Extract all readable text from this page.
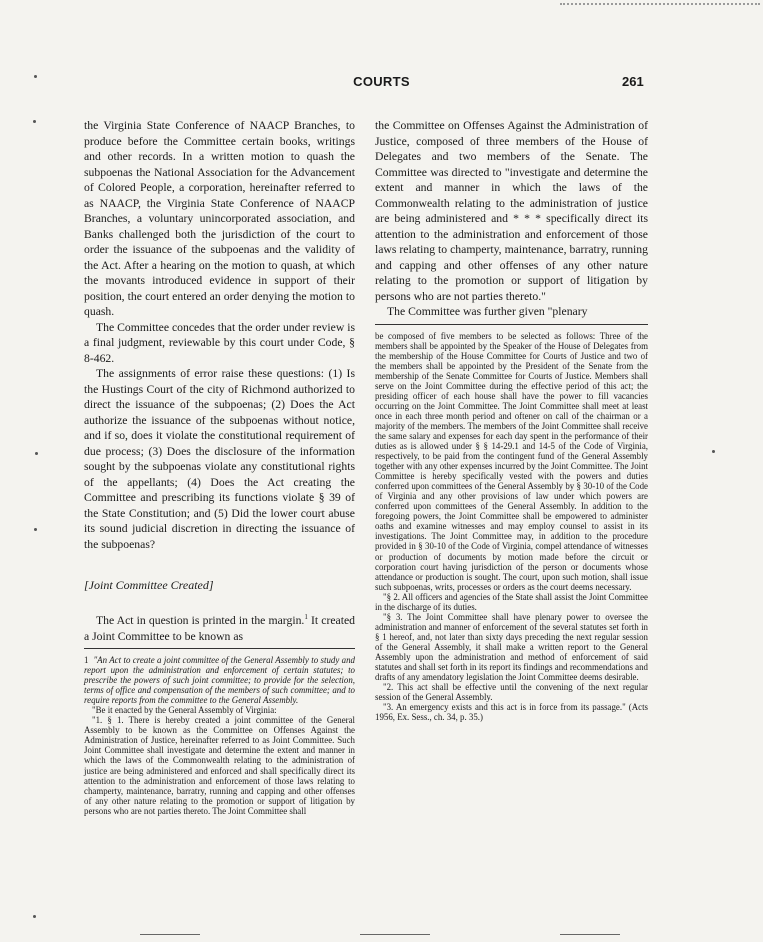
COURTS	261

the Virginia State Conference of NAACP Branches, to produce before the Committee certain books, writings and other records. In a written motion to quash the subpoenas the National Association for the Advancement of Colored People, a corporation, hereinafter referred to as NAACP, the Virginia State Conference of NAACP Branches, a voluntary unincorporated association, and Banks challenged both the jurisdiction of the court to order the issuance of the subpoenas and the validity of the Act. After a hearing on the motion to quash, at which the movants introduced evidence in support of their position, the court entered an order denying the motion to quash.

The Committee concedes that the order under review is a final judgment, reviewable by this court under Code, § 8-462.

The assignments of error raise these questions: (1) Is the Hustings Court of the city of Richmond authorized to direct the issuance of the subpoenas; (2) Does the Act authorize the issuance of the subpoenas without notice, and if so, does it violate the constitutional requirement of due process; (3) Does the disclosure of the information sought by the subpoenas violate any constitutional rights of the appellants; (4) Does the Act creating the Committee and prescribing its functions violate § 39 of the State Constitution; and (5) Did the lower court abuse its sound judicial discretion in directing the issuance of the subpoenas?

[Joint Committee Created]

The Act in question is printed in the margin.$^1$ It created a Joint Committee to be known as

1 "An Act to create a joint committee of the General Assembly to study and report upon the administration and enforcement of certain statutes; to prescribe the powers of such joint committee; to provide for the selection, terms of office and compensation of the members of such committee; and to require reports from the committee to the General Assembly.

"Be it enacted by the General Assembly of Virginia:

"1. § 1. There is hereby created a joint committee of the General Assembly to be known as the Committee on Offenses Against the Administration of Justice, hereinafter referred to as Joint Committee. Such Joint Committee shall investigate and determine the extent and manner in which the laws of the Commonwealth relating to the administration of justice are being administered and enforced and shall specifically direct its attention to the administration and enforcement of those laws relating to champerty, maintenance, barratry, running and capping and other offenses of any other nature relating to the promotion or support of litigation by persons who are not parties thereto. The Joint Committee shall

the Committee on Offenses Against the Administration of Justice, composed of three members of the House of Delegates and two members of the Senate. The Committee was directed to "investigate and determine the extent and manner in which the laws of the Commonwealth relating to the administration of justice are being administered and * * * specifically direct its attention to the administration and enforcement of those laws relating to champerty, maintenance, barratry, running and capping and other offenses of any other nature relating to the promotion or support of litigation by persons who are not parties thereto."

The Committee was further given "plenary

be composed of five members to be selected as follows: Three of the members shall be appointed by the Speaker of the House of Delegates from the membership of the House Committee for Courts of Justice and two of the members shall be appointed by the President of the Senate from the membership of the Senate Committee for Courts of Justice. Members shall serve on the Joint Committee during the effective period of this act; the presiding officer of each house shall have the power to fill vacancies occurring on the Joint Committee. The Joint Committee shall meet at least once in each three month period and oftener on call of the chairman or a majority of the members. The members of the Joint Committee shall receive the same salary and expenses for each day spent in the performance of their duties as is allowed under § § 14-29.1 and 14-5 of the Code of Virginia, respectively, to be paid from the contingent fund of the General Assembly together with any other expenses incurred by the Joint Committee. The Joint Committee is hereby specifically vested with the powers and duties conferred upon committees of the General Assembly by § 30-10 of the Code of Virginia and any other provisions of law under which powers are conferred upon committees of the General Assembly. In addition to the foregoing powers, the Joint Committee shall be empowered to administer oaths and examine witnesses and may employ counsel to assist in its investigations. The Joint Committee may, in addition to the procedure provided in § 30-10 of the Code of Virginia, compel attendance of witnesses or production of documents by motion made before the circuit or corporation court having jurisdiction of the person or documents whose attendance or production is sought. The court, upon such motion, shall issue such subpoenas, writs, processes or orders as the court deems necessary.

"§ 2. All officers and agencies of the State shall assist the Joint Committee in the discharge of its duties.

"§ 3. The Joint Committee shall have plenary power to oversee the administration and manner of enforcement of the several statutes set forth in § 1 hereof, and, not later than sixty days preceding the next regular session of the General Assembly, it shall make a written report to the General Assembly upon the administration and method of enforcement of said statutes and shall set forth in its report its findings and recommendations and drafts of any amendatory legislation the Joint Committee deems desirable.

"2. This act shall be effective until the convening of the next regular session of the General Assembly.

"3. An emergency exists and this act is in force from its passage." (Acts 1956, Ex. Sess., ch. 34, p. 35.)
